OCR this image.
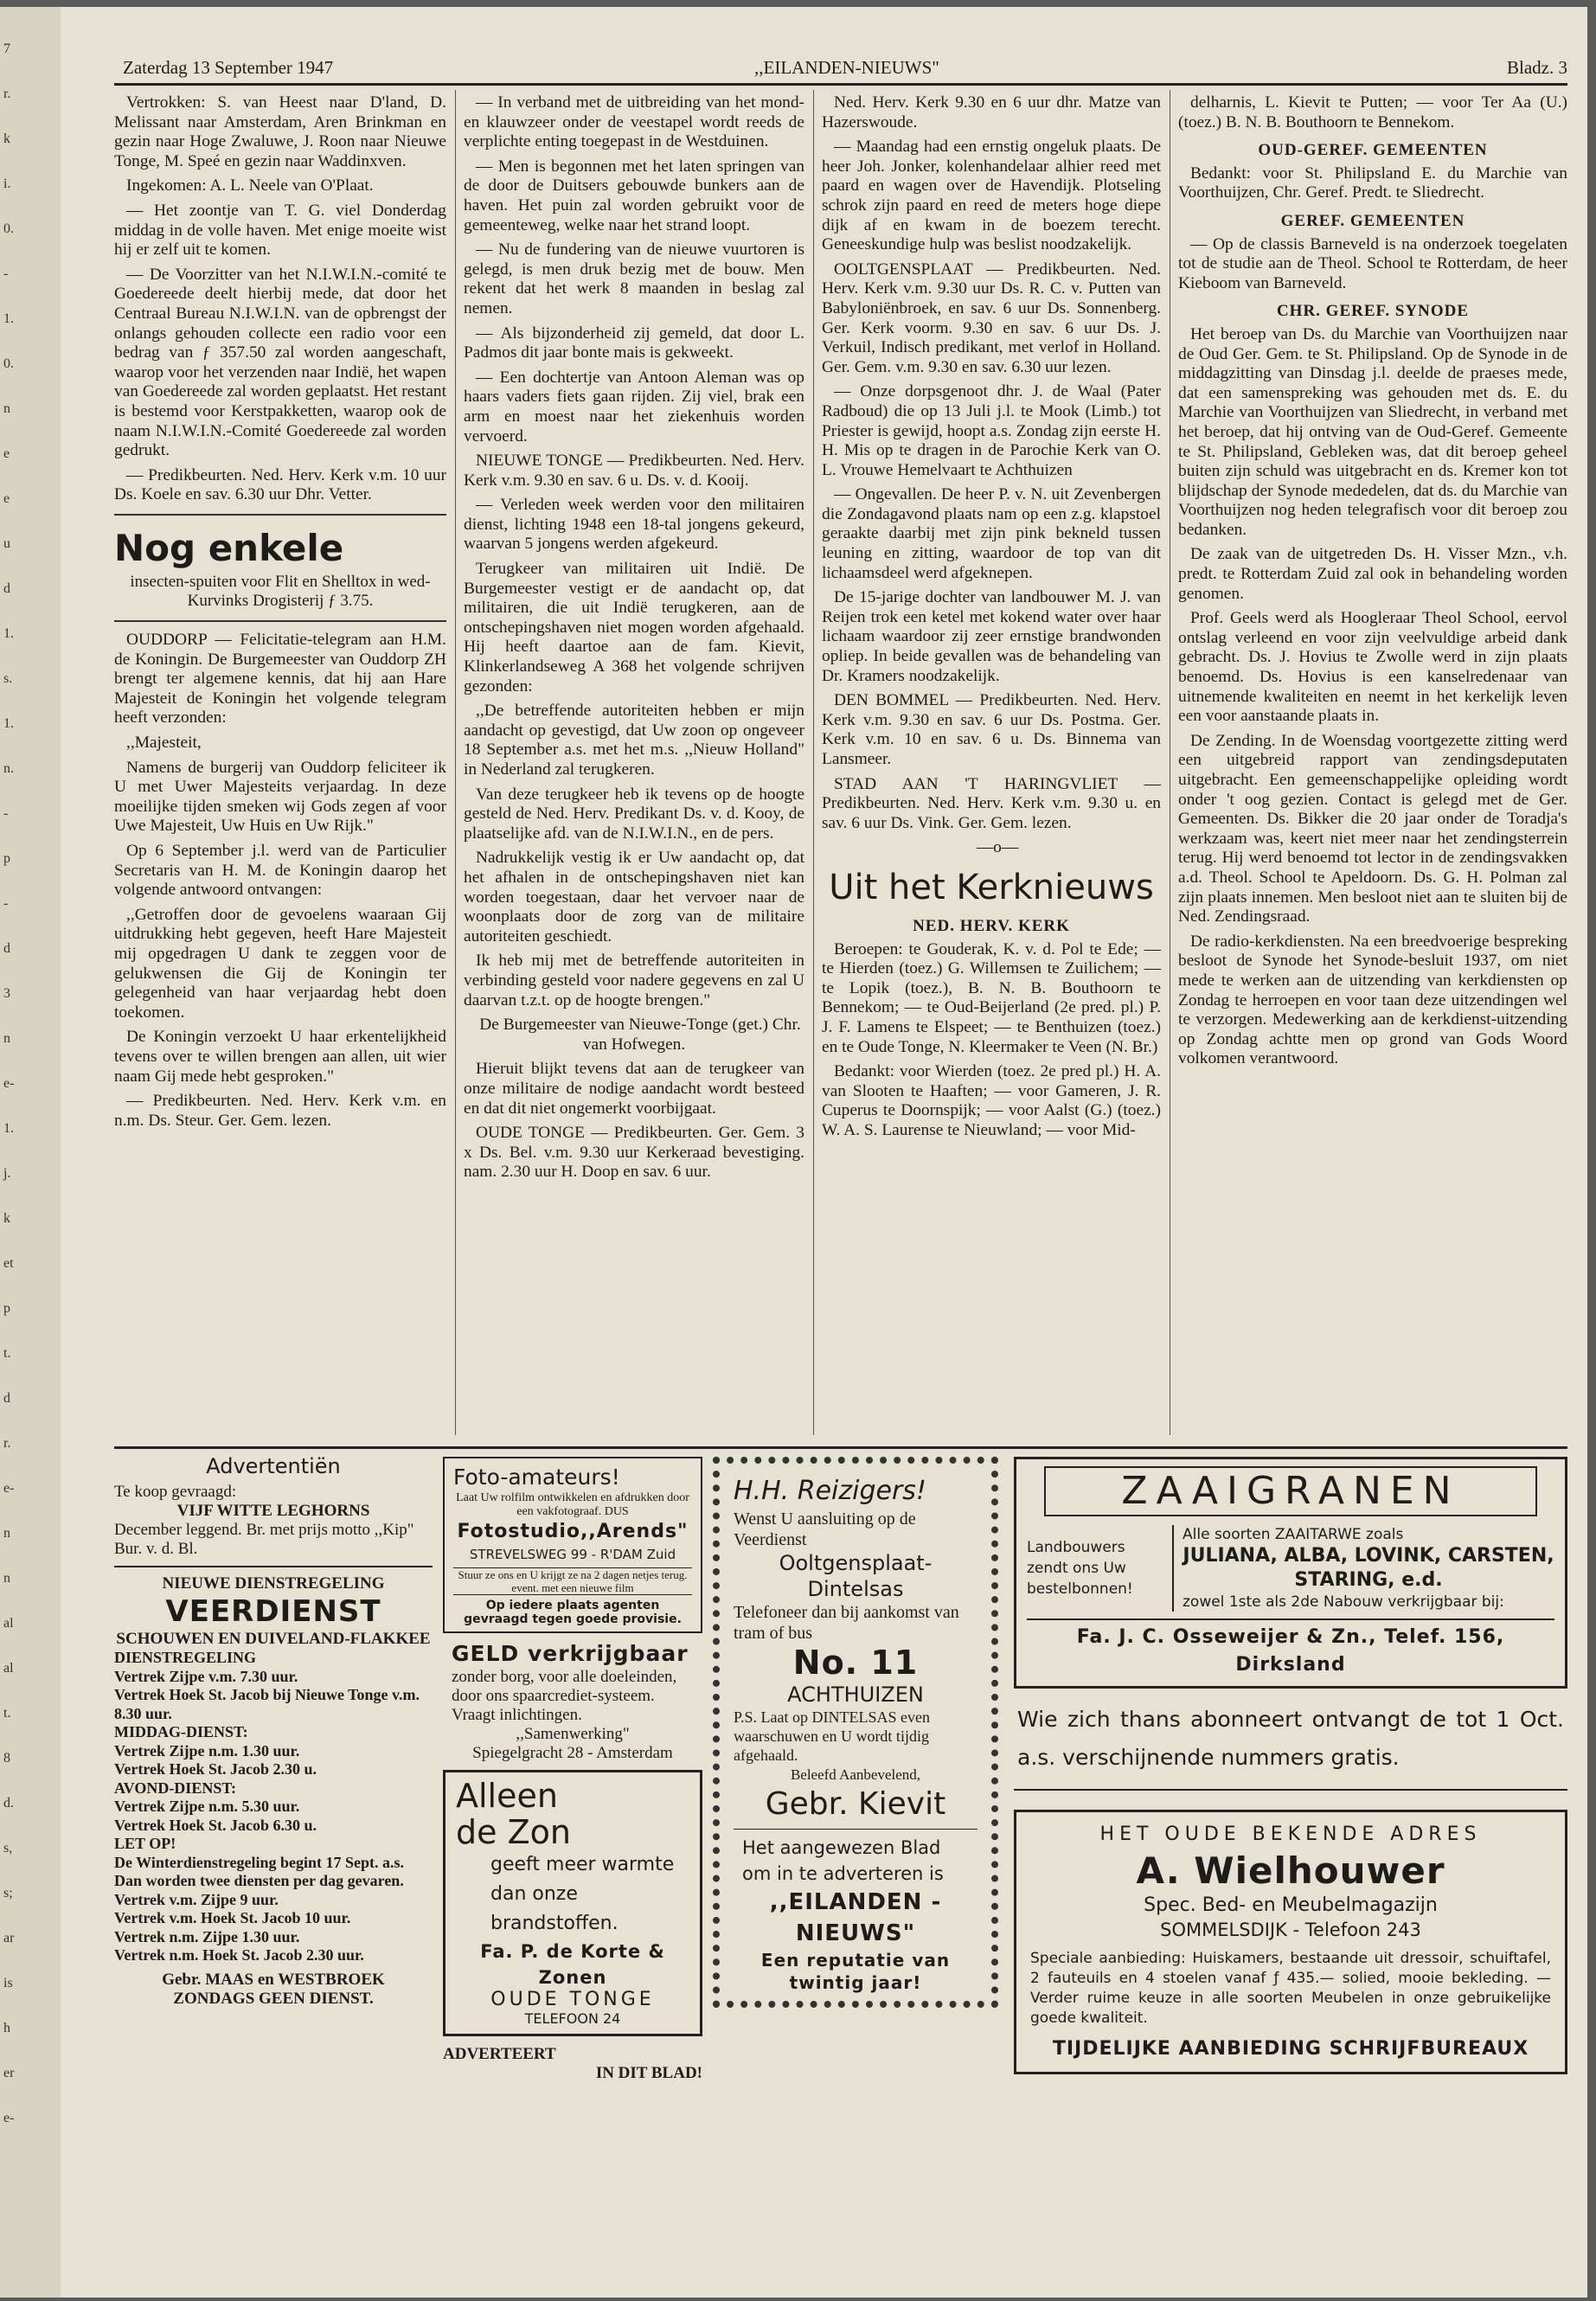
7
r.
k
i.
0.
-
1.
0.
n
e
e
u
d
1.
s.
1.
n.
-
p
-
d
3
n
e-
1.
j.
k
et
p
t.
d
r.
e-
n
n
al
al
t.
8
d.
s,
s;
ar
is
h
er
e-
Zaterdag 13 September 1947	,,EILANDEN-NIEUWS"	Bladz. 3

Vertrokken: S. van Heest naar D'land, D. Melissant naar Amsterdam, Aren Brinkman en gezin naar Hoge Zwaluwe, J. Roon naar Nieuwe Tonge, M. Speé en gezin naar Waddinxven.

Ingekomen: A. L. Neele van O'Plaat.

— Het zoontje van T. G. viel Donderdag middag in de volle haven. Met enige moeite wist hij er zelf uit te komen.

— De Voorzitter van het N.I.W.I.N.-comité te Goedereede deelt hierbij mede, dat door het Centraal Bureau N.I.W.I.N. van de opbrengst der onlangs gehouden collecte een radio voor een bedrag van ƒ 357.50 zal worden aangeschaft, waarop voor het verzenden naar Indië, het wapen van Goedereede zal worden geplaatst. Het restant is bestemd voor Kerstpakketten, waarop ook de naam N.I.W.I.N.-Comité Goedereede zal worden gedrukt.

— Predikbeurten. Ned. Herv. Kerk v.m. 10 uur Ds. Koele en sav. 6.30 uur Dhr. Vetter.

Nog enkele
insecten-spuiten voor Flit en Shelltox in wed-Kurvinks Drogisterij ƒ 3.75.

OUDDORP — Felicitatie-telegram aan H.M. de Koningin. De Burgemeester van Ouddorp ZH brengt ter algemene kennis, dat hij aan Hare Majesteit de Koningin het volgende telegram heeft verzonden:

,,Majesteit,

Namens de burgerij van Ouddorp feliciteer ik U met Uwer Majesteits verjaardag. In deze moeilijke tijden smeken wij Gods zegen af voor Uwe Majesteit, Uw Huis en Uw Rijk."

Op 6 September j.l. werd van de Particulier Secretaris van H. M. de Koningin daarop het volgende antwoord ontvangen:

,,Getroffen door de gevoelens waaraan Gij uitdrukking hebt gegeven, heeft Hare Majesteit mij opgedragen U dank te zeggen voor de gelukwensen die Gij de Koningin ter gelegenheid van haar verjaardag hebt doen toekomen.

De Koningin verzoekt U haar erkentelijkheid tevens over te willen brengen aan allen, uit wier naam Gij mede hebt gesproken."

— Predikbeurten. Ned. Herv. Kerk v.m. en n.m. Ds. Steur. Ger. Gem. lezen.

— In verband met de uitbreiding van het mond- en klauwzeer onder de veestapel wordt reeds de verplichte enting toegepast in de Westduinen.

— Men is begonnen met het laten springen van de door de Duitsers gebouwde bunkers aan de haven. Het puin zal worden gebruikt voor de gemeenteweg, welke naar het strand loopt.

— Nu de fundering van de nieuwe vuurtoren is gelegd, is men druk bezig met de bouw. Men rekent dat het werk 8 maanden in beslag zal nemen.

— Als bijzonderheid zij gemeld, dat door L. Padmos dit jaar bonte mais is gekweekt.

— Een dochtertje van Antoon Aleman was op haars vaders fiets gaan rijden. Zij viel, brak een arm en moest naar het ziekenhuis worden vervoerd.

NIEUWE TONGE — Predikbeurten. Ned. Herv. Kerk v.m. 9.30 en sav. 6 u. Ds. v. d. Kooij.

— Verleden week werden voor den militairen dienst, lichting 1948 een 18-tal jongens gekeurd, waarvan 5 jongens werden afgekeurd.

Terugkeer van militairen uit Indië. De Burgemeester vestigt er de aandacht op, dat militairen, die uit Indië terugkeren, aan de ontschepingshaven niet mogen worden afgehaald. Hij heeft daartoe aan de fam. Kievit, Klinkerlandseweg A 368 het volgende schrijven gezonden:

,,De betreffende autoriteiten hebben er mijn aandacht op gevestigd, dat Uw zoon op ongeveer 18 September a.s. met het m.s. ,,Nieuw Holland" in Nederland zal terugkeren.

Van deze terugkeer heb ik tevens op de hoogte gesteld de Ned. Herv. Predikant Ds. v. d. Kooy, de plaatselijke afd. van de N.I.W.I.N., en de pers.

Nadrukkelijk vestig ik er Uw aandacht op, dat het afhalen in de ontschepingshaven niet kan worden toegestaan, daar het vervoer naar de woonplaats door de zorg van de militaire autoriteiten geschiedt.

Ik heb mij met de betreffende autoriteiten in verbinding gesteld voor nadere gegevens en zal U daarvan t.z.t. op de hoogte brengen."

De Burgemeester van Nieuwe-Tonge (get.) Chr. van Hofwegen.

Hieruit blijkt tevens dat aan de terugkeer van onze militaire de nodige aandacht wordt besteed en dat dit niet ongemerkt voorbijgaat.

OUDE TONGE — Predikbeurten. Ger. Gem. 3 x Ds. Bel. v.m. 9.30 uur Kerkeraad bevestiging. nam. 2.30 uur H. Doop en sav. 6 uur.

Ned. Herv. Kerk 9.30 en 6 uur dhr. Matze van Hazerswoude.

— Maandag had een ernstig ongeluk plaats. De heer Joh. Jonker, kolenhandelaar alhier reed met paard en wagen over de Havendijk. Plotseling schrok zijn paard en reed de meters hoge diepe dijk af en kwam in de boezem terecht. Geneeskundige hulp was beslist noodzakelijk.

OOLTGENSPLAAT — Predikbeurten. Ned. Herv. Kerk v.m. 9.30 uur Ds. R. C. v. Putten van Babyloniënbroek, en sav. 6 uur Ds. Sonnenberg. Ger. Kerk voorm. 9.30 en sav. 6 uur Ds. J. Verkuil, Indisch predikant, met verlof in Holland. Ger. Gem. v.m. 9.30 en sav. 6.30 uur lezen.

— Onze dorpsgenoot dhr. J. de Waal (Pater Radboud) die op 13 Juli j.l. te Mook (Limb.) tot Priester is gewijd, hoopt a.s. Zondag zijn eerste H. H. Mis op te dragen in de Parochie Kerk van O. L. Vrouwe Hemelvaart te Achthuizen

— Ongevallen. De heer P. v. N. uit Zevenbergen die Zondagavond plaats nam op een z.g. klapstoel geraakte daarbij met zijn pink bekneld tussen leuning en zitting, waardoor de top van dit lichaamsdeel werd afgeknepen.

De 15-jarige dochter van landbouwer M. J. van Reijen trok een ketel met kokend water over haar lichaam waardoor zij zeer ernstige brandwonden opliep. In beide gevallen was de behandeling van Dr. Kramers noodzakelijk.

DEN BOMMEL — Predikbeurten. Ned. Herv. Kerk v.m. 9.30 en sav. 6 uur Ds. Postma. Ger. Kerk v.m. 10 en sav. 6 u. Ds. Binnema van Lansmeer.

STAD AAN 'T HARINGVLIET — Predikbeurten. Ned. Herv. Kerk v.m. 9.30 u. en sav. 6 uur Ds. Vink. Ger. Gem. lezen.

—o—

Uit het Kerknieuws
NED. HERV. KERK

Beroepen: te Gouderak, K. v. d. Pol te Ede; — te Hierden (toez.) G. Willemsen te Zuilichem; — te Lopik (toez.), B. N. B. Bouthoorn te Bennekom; — te Oud-Beijerland (2e pred. pl.) P. J. F. Lamens te Elspeet; — te Benthuizen (toez.) en te Oude Tonge, N. Kleermaker te Veen (N. Br.)

Bedankt: voor Wierden (toez. 2e pred pl.) H. A. van Slooten te Haaften; — voor Gameren, J. R. Cuperus te Doornspijk; — voor Aalst (G.) (toez.) W. A. S. Laurense te Nieuwland; — voor Mid-

delharnis, L. Kievit te Putten; — voor Ter Aa (U.) (toez.) B. N. B. Bouthoorn te Bennekom.

OUD-GEREF. GEMEENTEN

Bedankt: voor St. Philipsland E. du Marchie van Voorthuijzen, Chr. Geref. Predt. te Sliedrecht.

GEREF. GEMEENTEN

— Op de classis Barneveld is na onderzoek toegelaten tot de studie aan de Theol. School te Rotterdam, de heer Kieboom van Barneveld.

CHR. GEREF. SYNODE

Het beroep van Ds. du Marchie van Voorthuijzen naar de Oud Ger. Gem. te St. Philipsland. Op de Synode in de middagzitting van Dinsdag j.l. deelde de praeses mede, dat een samenspreking was gehouden met ds. E. du Marchie van Voorthuijzen van Sliedrecht, in verband met het beroep, dat hij ontving van de Oud-Geref. Gemeente te St. Philipsland, Gebleken was, dat dit beroep geheel buiten zijn schuld was uitgebracht en ds. Kremer kon tot blijdschap der Synode mededelen, dat ds. du Marchie van Voorthuijzen nog heden telegrafisch voor dit beroep zou bedanken.

De zaak van de uitgetreden Ds. H. Visser Mzn., v.h. predt. te Rotterdam Zuid zal ook in behandeling worden genomen.

Prof. Geels werd als Hoogleraar Theol School, eervol ontslag verleend en voor zijn veelvuldige arbeid dank gebracht. Ds. J. Hovius te Zwolle werd in zijn plaats benoemd. Ds. Hovius is een kanselredenaar van uitnemende kwaliteiten en neemt in het kerkelijk leven een voor aanstaande plaats in.

De Zending. In de Woensdag voortgezette zitting werd een uitgebreid rapport van zendingsdeputaten uitgebracht. Een gemeenschappelijke opleiding wordt onder 't oog gezien. Contact is gelegd met de Ger. Gemeenten. Ds. Bikker die 20 jaar onder de Toradja's werkzaam was, keert niet meer naar het zendingsterrein terug. Hij werd benoemd tot lector in de zendingsvakken a.d. Theol. School te Apeldoorn. Ds. G. H. Polman zal zijn plaats innemen. Men besloot niet aan te sluiten bij de Ned. Zendingsraad.

De radio-kerkdiensten. Na een breedvoerige bespreking besloot de Synode het Synode-besluit 1937, om niet mede te werken aan de uitzending van kerkdiensten op Zondag te herroepen en voor taan deze uitzendingen wel te verzorgen. Medewerking aan de kerkdienst-uitzending op Zondag achtte men op grond van Gods Woord volkomen verantwoord.

Advertentiën
Te koop gevraagd:
VIJF WITTE LEGHORNS
December leggend. Br. met prijs motto ,,Kip" Bur. v. d. Bl.
NIEUWE DIENSTREGELING
VEERDIENST
SCHOUWEN EN DUIVELAND-FLAKKEE
DIENSTREGELING
Vertrek Zijpe v.m. 7.30 uur.
Vertrek Hoek St. Jacob bij Nieuwe Tonge v.m. 8.30 uur.
MIDDAG-DIENST:
Vertrek Zijpe n.m. 1.30 uur.
Vertrek Hoek St. Jacob 2.30 u.
AVOND-DIENST:
Vertrek Zijpe n.m. 5.30 uur.
Vertrek Hoek St. Jacob 6.30 u.
LET OP!
De Winterdienstregeling begint 17 Sept. a.s. Dan worden twee diensten per dag gevaren.
Vertrek v.m. Zijpe 9 uur.
Vertrek v.m. Hoek St. Jacob 10 uur.
Vertrek n.m. Zijpe 1.30 uur.
Vertrek n.m. Hoek St. Jacob 2.30 uur.
Gebr. MAAS en WESTBROEK
ZONDAGS GEEN DIENST.
Foto-amateurs!
Laat Uw rolfilm ontwikkelen en afdrukken door een vakfotograaf. DUS
Fotostudio,,Arends"
STREVELSWEG 99 - R'DAM Zuid
Stuur ze ons en U krijgt ze na 2 dagen netjes terug. event. met een nieuwe film
Op iedere plaats agenten gevraagd tegen goede provisie.
GELD verkrijgbaar
zonder borg, voor alle doeleinden, door ons spaarcrediet-systeem. Vraagt inlichtingen.
,,Samenwerking"
Spiegelgracht 28 - Amsterdam
Alleen
de Zon
geeft meer warmte dan onze brandstoffen.
Fa. P. de Korte & Zonen
OUDE TONGE
TELEFOON 24
ADVERTEERT
IN DIT BLAD!
H.H. Reizigers!
Wenst U aansluiting op de Veerdienst
Ooltgensplaat-Dintelsas
Telefoneer dan bij aankomst van tram of bus
No. 11
ACHTHUIZEN
P.S. Laat op DINTELSAS even waarschuwen en U wordt tijdig afgehaald.
Beleefd Aanbevelend,
Gebr. Kievit
Het aangewezen Blad om in te adverteren is
,,EILANDEN - NIEUWS"
Een reputatie van twintig jaar!
ZAAIGRANEN
Landbouwers zendt ons Uw bestelbonnen!
Alle soorten ZAAITARWE zoals
JULIANA, ALBA, LOVINK, CARSTEN, STARING, e.d.
zowel 1ste als 2de Nabouw verkrijgbaar bij:
Fa. J. C. Osseweijer & Zn., Telef. 156, Dirksland
Wie zich thans abonneert ontvangt de tot 1 Oct. a.s. verschijnende nummers gratis.
HET OUDE BEKENDE ADRES
A. Wielhouwer
Spec. Bed- en Meubelmagazijn
SOMMELSDIJK - Telefoon 243
Speciale aanbieding: Huiskamers, bestaande uit dressoir, schuiftafel, 2 fauteuils en 4 stoelen vanaf ƒ 435.— solied, mooie bekleding. — Verder ruime keuze in alle soorten Meubelen in onze gebruikelijke goede kwaliteit.
TIJDELIJKE AANBIEDING SCHRIJFBUREAUX
